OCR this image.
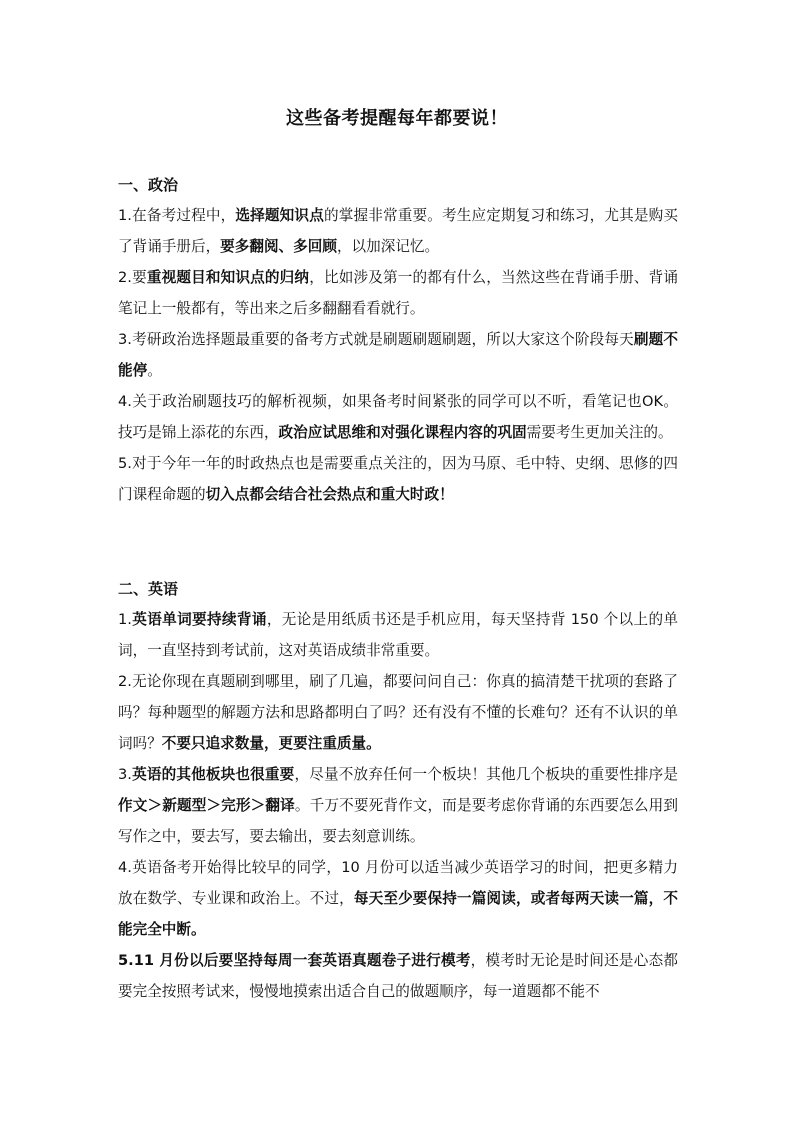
这些备考提醒每年都要说！
一、政治
1.在备考过程中，选择题知识点的掌握非常重要。考生应定期复习和练习，尤其是购买了背诵手册后，要多翻阅、多回顾，以加深记忆。
2.要重视题目和知识点的归纳，比如涉及第一的都有什么，当然这些在背诵手册、背诵笔记上一般都有，等出来之后多翻翻看看就行。
3.考研政治选择题最重要的备考方式就是刷题刷题刷题，所以大家这个阶段每天刷题不能停。
4.关于政治刷题技巧的解析视频，如果备考时间紧张的同学可以不听，看笔记也OK。技巧是锦上添花的东西，政治应试思维和对强化课程内容的巩固需要考生更加关注的。
5.对于今年一年的时政热点也是需要重点关注的，因为马原、毛中特、史纲、思修的四门课程命题的切入点都会结合社会热点和重大时政！
二、英语
1.英语单词要持续背诵，无论是用纸质书还是手机应用，每天坚持背 150 个以上的单词，一直坚持到考试前，这对英语成绩非常重要。
2.无论你现在真题刷到哪里，刷了几遍，都要问问自己：你真的搞清楚干扰项的套路了吗？每种题型的解题方法和思路都明白了吗？还有没有不懂的长难句？还有不认识的单词吗？不要只追求数量，更要注重质量。
3.英语的其他板块也很重要，尽量不放弃任何一个板块！其他几个板块的重要性排序是作文＞新题型＞完形＞翻译。千万不要死背作文，而是要考虑你背诵的东西要怎么用到写作之中，要去写，要去输出，要去刻意训练。
4.英语备考开始得比较早的同学，10 月份可以适当减少英语学习的时间，把更多精力放在数学、专业课和政治上。不过，每天至少要保持一篇阅读，或者每两天读一篇，不能完全中断。
5.11 月份以后要坚持每周一套英语真题卷子进行模考，模考时无论是时间还是心态都要完全按照考试来，慢慢地摸索出适合自己的做题顺序，每一道题都不能不
